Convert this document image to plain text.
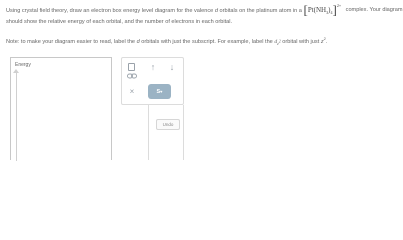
Using crystal field theory, draw an electron box energy level diagram for the valence d orbitals on the platinum atom in a $[Pt(NH_3)_4]^{2+}$ complex. Your diagram
should show the relative energy of each orbital, and the number of electrons in each orbital.
Note: to make your diagram easier to read, label the d orbitals with just the subscript. For example, label the $d_{z^2}$ orbital with just $z^2$.
Energy	↑	↓
×	S ♥
Undo
